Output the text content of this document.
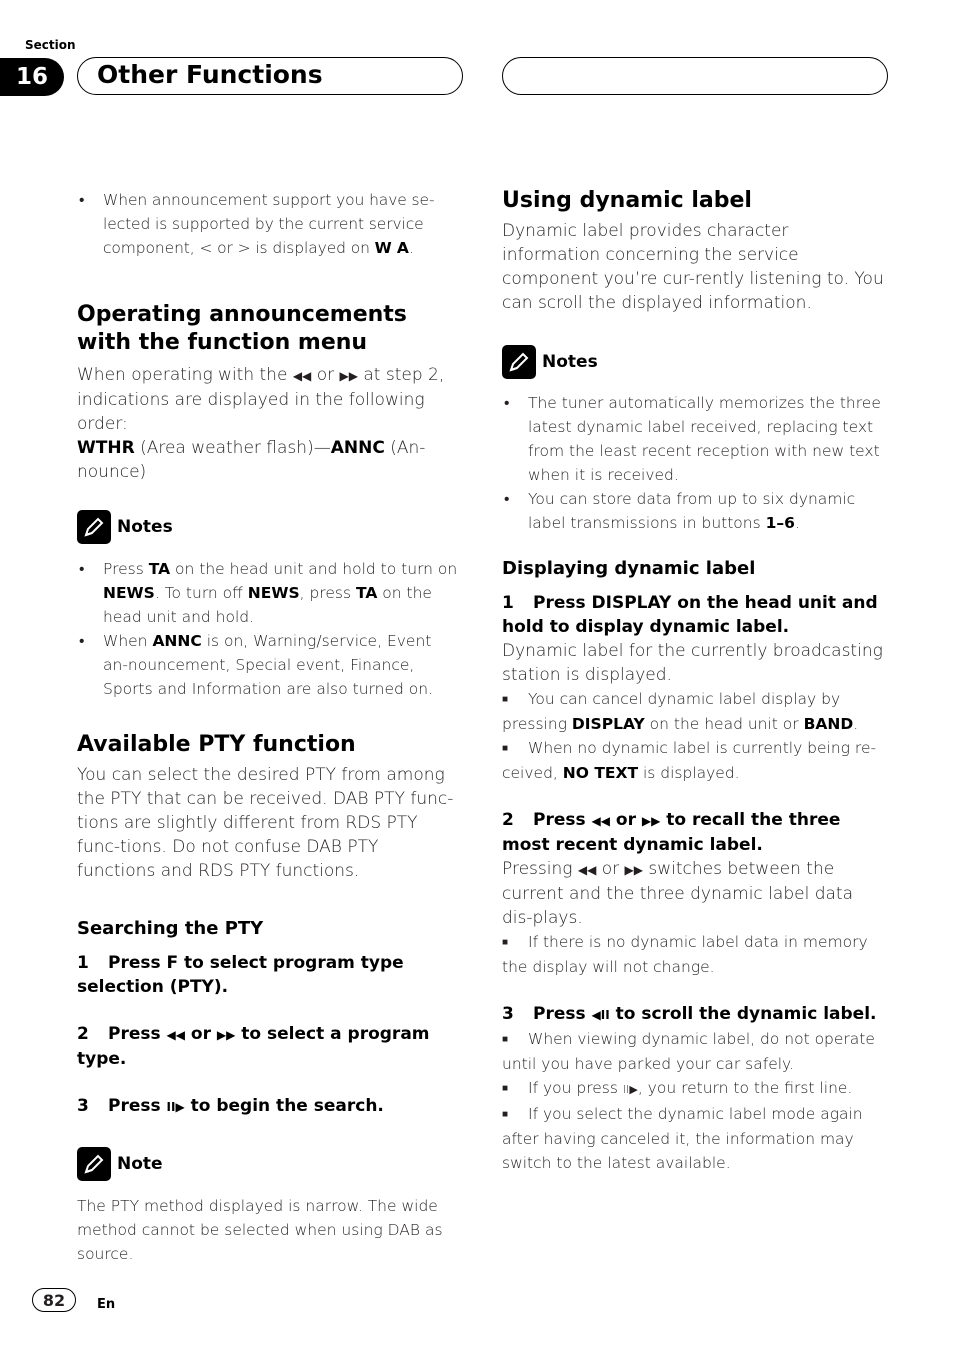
Section
16	Other Functions
• When announcement support you have se-lected is supported by the current service component, < or > is displayed on W A.
Operating announcements
with the function menu

When operating with the ◀◀ or ▶▶ at step 2, indications are displayed in the following order:

WTHR (Area weather flash)—ANNC (An-nounce)

Notes
• Press TA on the head unit and hold to turn on NEWS. To turn off NEWS, press TA on the head unit and hold.
• When ANNC is on, Warning/service, Event an-nouncement, Special event, Finance, Sports and Information are also turned on.
Available PTY function

You can select the desired PTY from among the PTY that can be received. DAB PTY func-tions are slightly different from RDS PTY func-tions. Do not confuse DAB PTY functions and RDS PTY functions.

Searching the PTY
1 Press F to select program type selection (PTY).
2 Press ◀◀ or ▶▶ to select a program type.
3 Press II▶ to begin the search.
Note

The PTY method displayed is narrow. The wide method cannot be selected when using DAB as source.

Using dynamic label

Dynamic label provides character information concerning the service component you’re cur-rently listening to. You can scroll the displayed information.

Notes
• The tuner automatically memorizes the three latest dynamic label received, replacing text from the least recent reception with new text when it is received.
• You can store data from up to six dynamic label transmissions in buttons 1–6.
Displaying dynamic label
1 Press DISPLAY on the head unit and hold to display dynamic label.

Dynamic label for the currently broadcasting station is displayed.

■ You can cancel dynamic label display by pressing DISPLAY on the head unit or BAND.
■ When no dynamic label is currently being re-ceived, NO TEXT is displayed.
2 Press ◀◀ or ▶▶ to recall the three most recent dynamic label.

Pressing ◀◀ or ▶▶ switches between the current and the three dynamic label data dis-plays.

■ If there is no dynamic label data in memory the display will not change.
3 Press ◀II to scroll the dynamic label.
■ When viewing dynamic label, do not operate until you have parked your car safely.
■ If you press II▶, you return to the first line.
■ If you select the dynamic label mode again after having canceled it, the information may switch to the latest available.
82	En
